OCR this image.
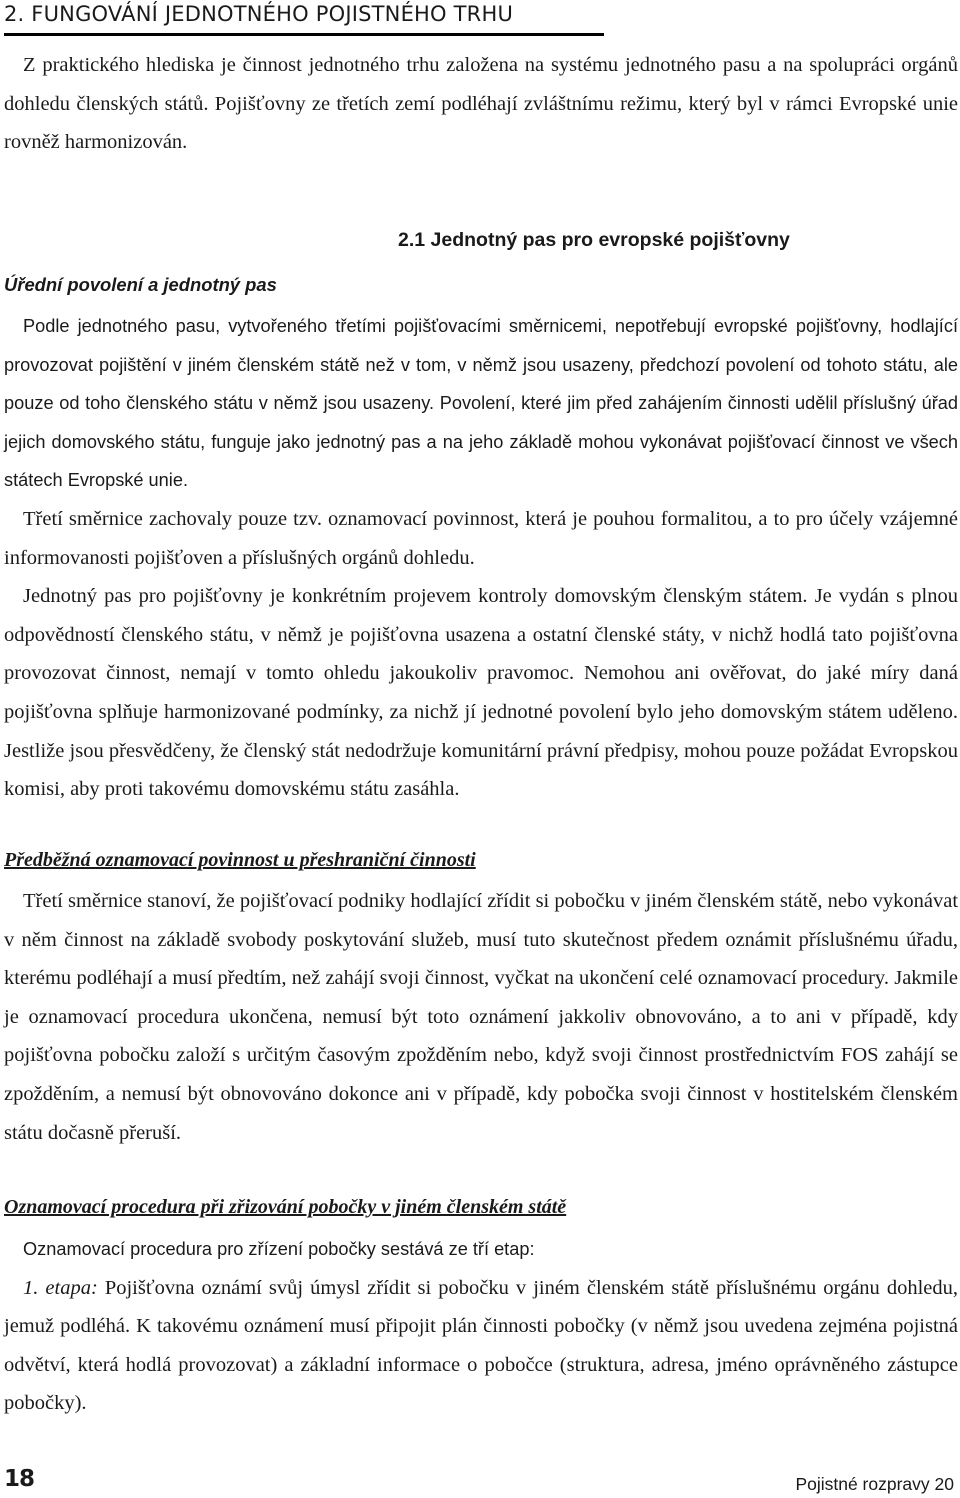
2. FUNGOVÁNÍ JEDNOTNÉHO POJISTNÉHO TRHU

Z praktického hlediska je činnost jednotného trhu založena na systému jednotného pasu a na spolupráci orgánů dohledu členských států. Pojišťovny ze třetích zemí podléhají zvláštnímu režimu, který byl v rámci Evropské unie rovněž harmonizován.

2.1 Jednotný pas pro evropské pojišťovny
Úřední povolení a jednotný pas

Podle jednotného pasu, vytvořeného třetími pojišťovacími směrnicemi, nepotřebují evropské pojišťovny, hodlající provozovat pojištění v jiném členském státě než v tom, v němž jsou usazeny, předchozí povolení od tohoto státu, ale pouze od toho členského státu v němž jsou usazeny. Povolení, které jim před zahájením činnosti udělil příslušný úřad jejich domovského státu, funguje jako jednotný pas a na jeho základě mohou vykonávat pojišťovací činnost ve všech státech Evropské unie.

Třetí směrnice zachovaly pouze tzv. oznamovací povinnost, která je pouhou formalitou, a to pro účely vzájemné informovanosti pojišťoven a příslušných orgánů dohledu.

Jednotný pas pro pojišťovny je konkrétním projevem kontroly domovským členským státem. Je vydán s plnou odpovědností členského státu, v němž je pojišťovna usazena a ostatní členské státy, v nichž hodlá tato pojišťovna provozovat činnost, nemají v tomto ohledu jakoukoliv pravomoc. Nemohou ani ověřovat, do jaké míry daná pojišťovna splňuje harmonizované podmínky, za nichž jí jednotné povolení bylo jeho domovským státem uděleno. Jestliže jsou přesvědčeny, že členský stát nedodržuje komunitární právní předpisy, mohou pouze požádat Evropskou komisi, aby proti takovému domovskému státu zasáhla.

Předběžná oznamovací povinnost u přeshraniční činnosti

Třetí směrnice stanoví, že pojišťovací podniky hodlající zřídit si pobočku v jiném členském státě, nebo vykonávat v něm činnost na základě svobody poskytování služeb, musí tuto skutečnost předem oznámit příslušnému úřadu, kterému podléhají a musí předtím, než zahájí svoji činnost, vyčkat na ukončení celé oznamovací procedury. Jakmile je oznamovací procedura ukončena, nemusí být toto oznámení jakkoliv obnovováno, a to ani v případě, kdy pojišťovna pobočku založí s určitým časovým zpožděním nebo, když svoji činnost prostřednictvím FOS zahájí se zpožděním, a nemusí být obnovováno dokonce ani v případě, kdy pobočka svoji činnost v hostitelském členském státu dočasně přeruší.

Oznamovací procedura při zřizování pobočky v jiném členském státě

Oznamovací procedura pro zřízení pobočky sestává ze tří etap:

1. etapa: Pojišťovna oznámí svůj úmysl zřídit si pobočku v jiném členském státě příslušnému orgánu dohledu, jemuž podléhá. K takovému oznámení musí připojit plán činnosti pobočky (v němž jsou uvedena zejména pojistná odvětví, která hodlá provozovat) a základní informace o pobočce (struktura, adresa, jméno oprávněného zástupce pobočky).

18	Pojistné rozpravy 20
